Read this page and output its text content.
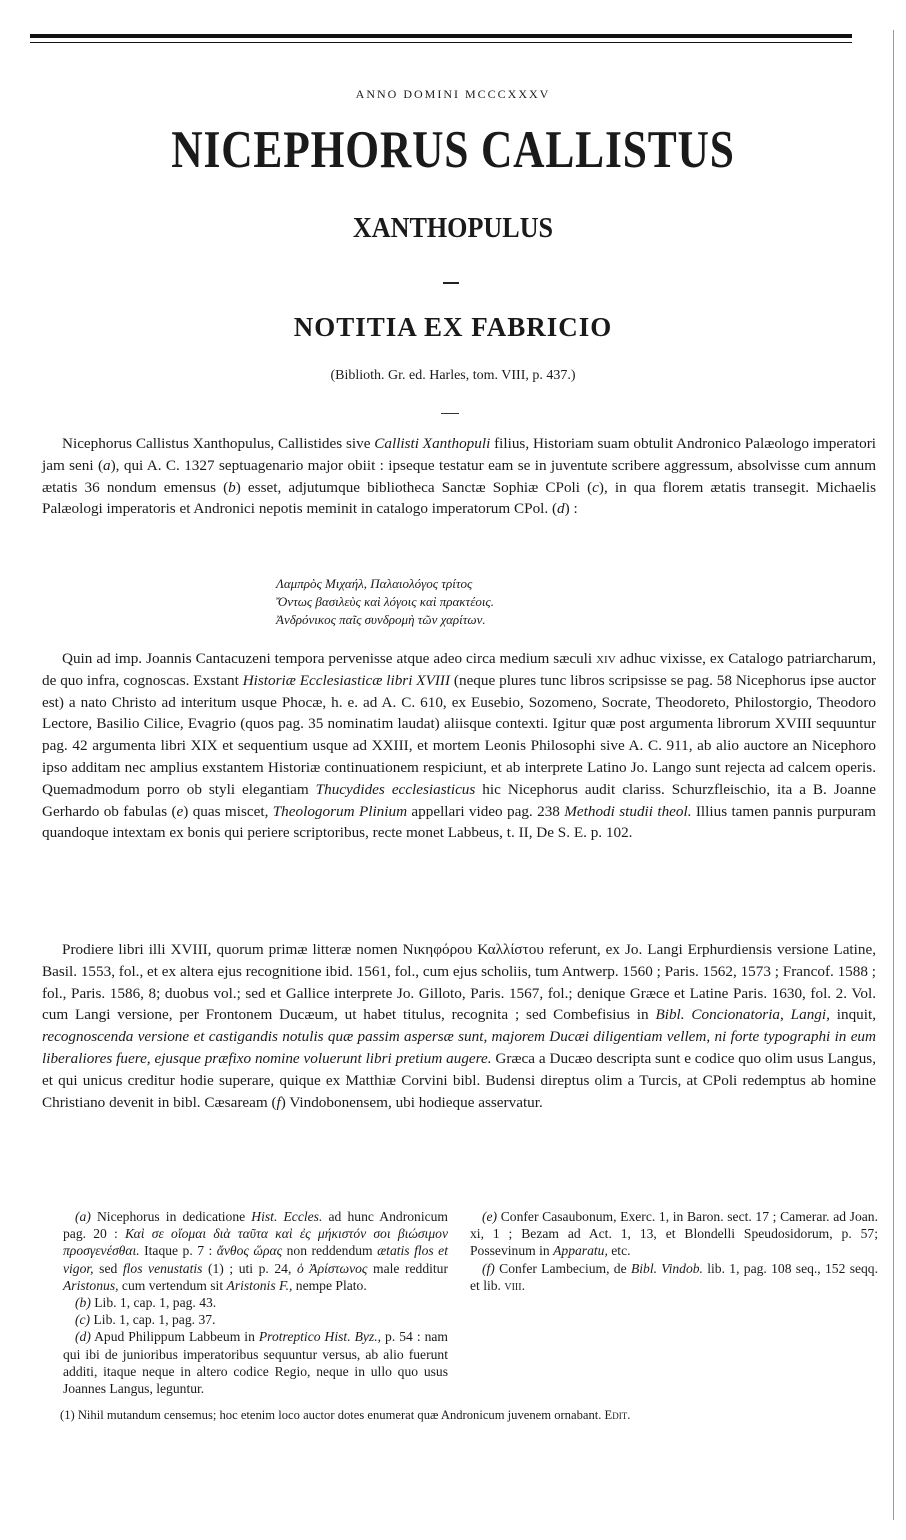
ANNO DOMINI MCCCXXXV
NICEPHORUS CALLISTUS
XANTHOPULUS
NOTITIA EX FABRICIO
(Biblioth. Gr. ed. Harles, tom. VIII, p. 437.)
Nicephorus Callistus Xanthopulus, Callistides sive Callisti Xanthopuli filius, Historiam suam obtulit Andronico Palæologo imperatori jam seni (a), qui A. C. 1327 septuagenario major obiit : ipseque testatur eam se in juventute scribere aggressum, absolvisse cum annum ætatis 36 nondum emensus (b) esset, adjutumque bibliotheca Sanctæ Sophiæ CPoli (c), in qua florem ætatis transegit. Michaelis Palæologi imperatoris et Andronici nepotis meminit in catalogo imperatorum CPol. (d) :
Λαμπρὸς Μιχαήλ, Παλαιολόγος τρίτος
Ὄντως βασιλεὺς καὶ λόγοις καὶ πρακτέοις.
Ἀνδρόνικος παῖς συνδρομὴ τῶν χαρίτων.
Quin ad imp. Joannis Cantacuzeni tempora pervenisse atque adeo circa medium sæculi xiv adhuc vixisse, ex Catalogo patriarcharum, de quo infra, cognoscas. Exstant Historiæ Ecclesiasticæ libri XVIII (neque plures tunc libros scripsisse se pag. 58 Nicephorus ipse auctor est) a nato Christo ad interitum usque Phocæ, h. e. ad A. C. 610, ex Eusebio, Sozomeno, Socrate, Theodoreto, Philostorgio, Theodoro Lectore, Basilio Cilice, Evagrio (quos pag. 35 nominatim laudat) aliisque contexti. Igitur quæ post argumenta librorum XVIII sequuntur pag. 42 argumenta libri XIX et sequentium usque ad XXIII, et mortem Leonis Philosophi sive A. C. 911, ab alio auctore an Nicephoro ipso additam nec amplius exstantem Historiæ continuationem respiciunt, et ab interprete Latino Jo. Lango sunt rejecta ad calcem operis. Quemadmodum porro ob styli elegantiam Thucydides ecclesiasticus hic Nicephorus audit clariss. Schurzfleischio, ita a B. Joanne Gerhardo ob fabulas (e) quas miscet, Theologorum Plinium appellari video pag. 238 Methodi studii theol. Illius tamen pannis purpuram quandoque intextam ex bonis qui periere scriptoribus, recte monet Labbeus, t. II, De S. E. p. 102.
Prodiere libri illi XVIII, quorum primæ litteræ nomen Νικηφόρου Καλλίστου referunt, ex Jo. Langi Erphurdiensis versione Latine, Basil. 1553, fol., et ex altera ejus recognitione ibid. 1561, fol., cum ejus scholiis, tum Antwerp. 1560 ; Paris. 1562, 1573 ; Francof. 1588 ; fol., Paris. 1586, 8; duobus vol.; sed et Gallice interprete Jo. Gilloto, Paris. 1567, fol.; denique Græce et Latine Paris. 1630, fol. 2. Vol. cum Langi versione, per Frontonem Ducæum, ut habet titulus, recognita ; sed Combefisius in Bibl. Concionatoria, Langi, inquit, recognoscenda versione et castigandis notulis quæ passim aspersæ sunt, majorem Ducæi diligentiam vellem, ni forte typographi in eum liberaliores fuere, ejusque præfixo nomine voluerunt libri pretium augere. Græca a Ducæo descripta sunt e codice quo olim usus Langus, et qui unicus creditur hodie superare, quique ex Matthiæ Corvini bibl. Budensi direptus olim a Turcis, at CPoli redemptus ab homine Christiano devenit in bibl. Cæsaream (f) Vindobonensem, ubi hodieque asservatur.

(a) Nicephorus in dedicatione Hist. Eccles. ad hunc Andronicum pag. 20 : Καὶ σε οἴομαι διὰ ταῦτα καὶ ἐς μήκιστόν σοι βιώσιμον προσγενέσθαι. Itaque p. 7 : ἄνθος ὥρας non reddendum ætatis flos et vigor, sed flos venustatis (1) ; uti p. 24, ὁ Ἀρίστωνος male redditur Aristonus, cum vertendum sit Aristonis F., nempe Plato.

(b) Lib. 1, cap. 1, pag. 43.

(c) Lib. 1, cap. 1, pag. 37.

(d) Apud Philippum Labbeum in Protreptico Hist. Byz., p. 54 : nam qui ibi de junioribus imperatoribus sequuntur versus, ab alio fuerunt additi, itaque neque in altero codice Regio, neque in ullo quo usus Joannes Langus, leguntur.

(e) Confer Casaubonum, Exerc. 1, in Baron. sect. 17 ; Camerar. ad Joan. xi, 1 ; Bezam ad Act. 1, 13, et Blondelli Speudosidorum, p. 57; Possevinum in Apparatu, etc.

(f) Confer Lambecium, de Bibl. Vindob. lib. 1, pag. 108 seq., 152 seqq. et lib. viii.

(1) Nihil mutandum censemus; hoc etenim loco auctor dotes enumerat quæ Andronicum juvenem ornabant. Edit.
